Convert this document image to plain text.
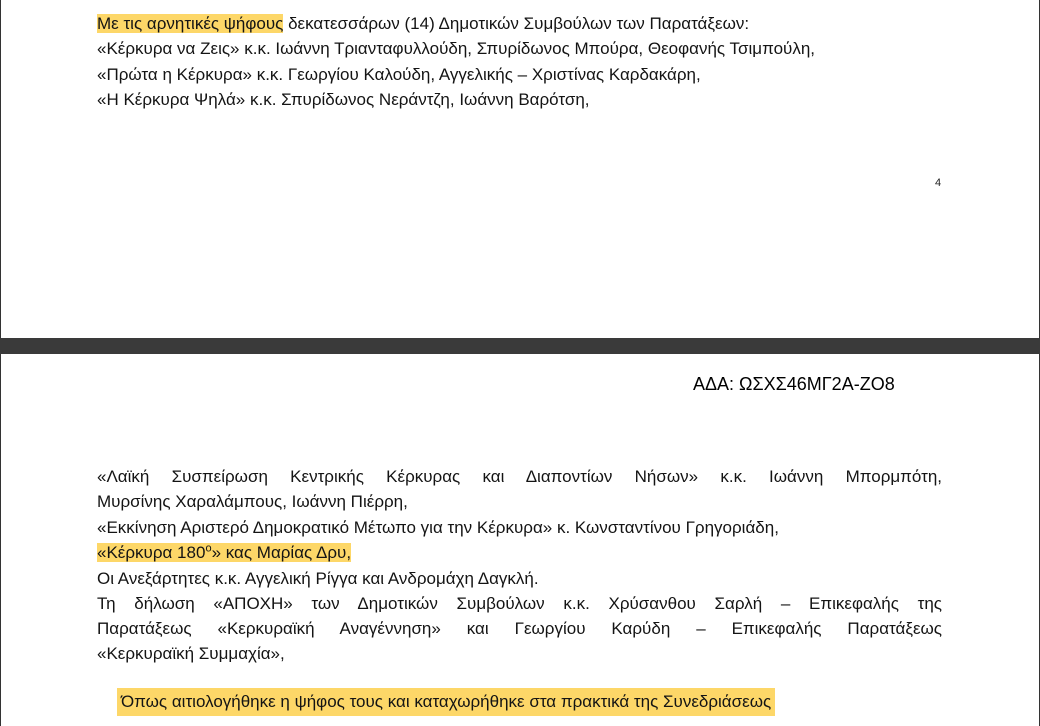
Με τις αρνητικές ψήφους δεκατεσσάρων (14) Δημοτικών Συμβούλων των Παρατάξεων:
«Κέρκυρα να Ζεις» κ.κ. Ιωάννη Τριανταφυλλούδη, Σπυρίδωνος Μπούρα, Θεοφανής Τσιμπούλη,
«Πρώτα η Κέρκυρα» κ.κ. Γεωργίου Καλούδη, Αγγελικής – Χριστίνας Καρδακάρη,
«Η Κέρκυρα Ψηλά» κ.κ. Σπυρίδωνος Νεράντζη, Ιωάννη Βαρότση,
4
ΑΔΑ: ΩΣΧΣ46ΜΓ2Α-ΖΟ8
«Λαϊκή Συσπείρωση Κεντρικής Κέρκυρας και Διαποντίων Νήσων» κ.κ. Ιωάννη Μπορμπότη,
Μυρσίνης Χαραλάμπους, Ιωάννη Πιέρρη,
«Εκκίνηση Αριστερό Δημοκρατικό Μέτωπο για την Κέρκυρα» κ. Κωνσταντίνου Γρηγοριάδη,
«Κέρκυρα $180^o$» κας Μαρίας Δρυ,
Οι Ανεξάρτητες κ.κ. Αγγελική Ρίγγα και Ανδρομάχη Δαγκλή.
Τη δήλωση «ΑΠΟΧΗ» των Δημοτικών Συμβούλων κ.κ. Χρύσανθου Σαρλή – Επικεφαλής της
Παρατάξεως «Κερκυραϊκή Αναγέννηση» και Γεωργίου Καρύδη – Επικεφαλής Παρατάξεως
«Κερκυραϊκή Συμμαχία»,
Όπως αιτιολογήθηκε η ψήφος τους και καταχωρήθηκε στα πρακτικά της Συνεδριάσεως
